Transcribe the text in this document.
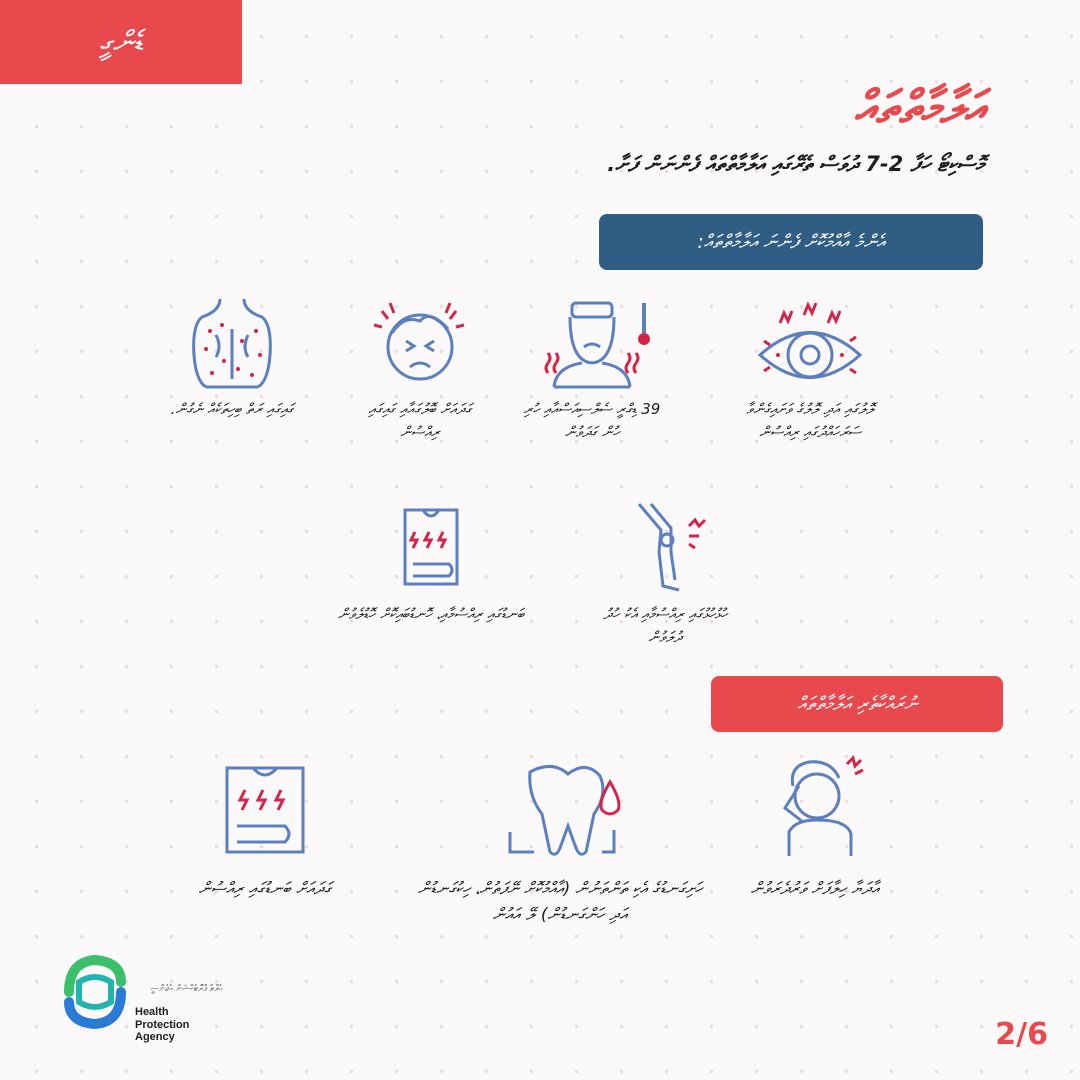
ޑެންގީ
އަލާމާތްތައް
މޮސްކިޓޯ ހަފާ 2-7 ދުވަސް ތެރޭގައި އަލާމާތްތައް ފެންނަން ފަށާ.
އެންމެ އާއްމުކޮށް ފެންނަ އަލާމާތްތައް:
ލޮލުގައި އަދި ލޮލުގެ ވަށައިގެންވާ ސަރަހައްދުގައި ރިއްސުން
39 ޑިގްރީ ސެލްސިއަސްއާއި ހުރި ހުން ގަދަވުން
ގަދައަށް ބޮލުގައާއި ގައިގައި ރިއްސުން
ގައިގައި ރަތް ބިހިތަކެއް ނެގުން.
ހުޅުހުޅުގައި ރިއްސުމާއި އެކު ހުދު ދުލަވުން
ބަނޑުގައި ރިއްސުމާއި، ހޮނޑުބައިކޮށް ހޮޑުލެވުން
ނުރައްކާތެރި އަލާމާތްތައް
އާދަޔާ ހިލާފަށް ވަރުދެރަވުން
ހަށިގަނޑުގެ އެކި ތަންތަނުން (އާއްމުކޮށް ނޭފަތުން، ހިކުގަނޑުން އަދި ހަންގަނޑުން) ލޭ އައުން
ގަދައަށް ބަނޑުގައި ރިއްސުން
ހެލްތު ޕްރޮޓެކްޝަން އެޖެންސީ
Health
Protection
Agency	2/6
